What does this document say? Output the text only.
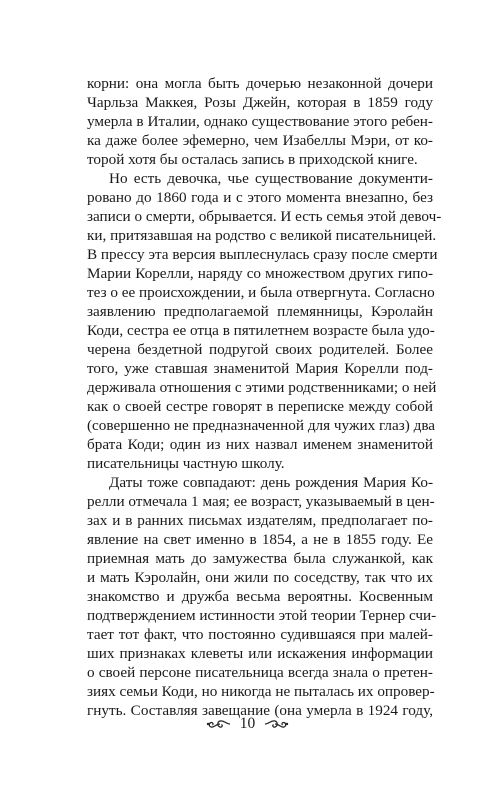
корни: она могла быть дочерью незаконной дочери
Чарльза Маккея, Розы Джейн, которая в 1859 году
умерла в Италии, однако существование этого ребен-
ка даже более эфемерно, чем Изабеллы Мэри, от ко-
торой хотя бы осталась запись в приходской книге.
Но есть девочка, чье существование документи-
ровано до 1860 года и с этого момента внезапно, без
записи о смерти, обрывается. И есть семья этой девоч-
ки, притязавшая на родство с великой писательницей.
В прессу эта версия выплеснулась сразу после смерти
Марии Корелли, наряду со множеством других гипо-
тез о ее происхождении, и была отвергнута. Согласно
заявлению предполагаемой племянницы, Кэролайн
Коди, сестра ее отца в пятилетнем возрасте была удо-
черена бездетной подругой своих родителей. Более
того, уже ставшая знаменитой Мария Корелли под-
держивала отношения с этими родственниками; о ней
как о своей сестре говорят в переписке между собой
(совершенно не предназначенной для чужих глаз) два
брата Коди; один из них назвал именем знаменитой
писательницы частную школу.
Даты тоже совпадают: день рождения Мария Ко-
релли отмечала 1 мая; ее возраст, указываемый в цен-
зах и в ранних письмах издателям, предполагает по-
явление на свет именно в 1854, а не в 1855 году. Ее
приемная мать до замужества была служанкой, как
и мать Кэролайн, они жили по соседству, так что их
знакомство и дружба весьма вероятны. Косвенным
подтверждением истинности этой теории Тернер счи-
тает тот факт, что постоянно судившаяся при малей-
ших признаках клеветы или искажения информации
о своей персоне писательница всегда знала о претен-
зиях семьи Коди, но никогда не пыталась их опровер-
гнуть. Составляя завещание (она умерла в 1924 году,
10
